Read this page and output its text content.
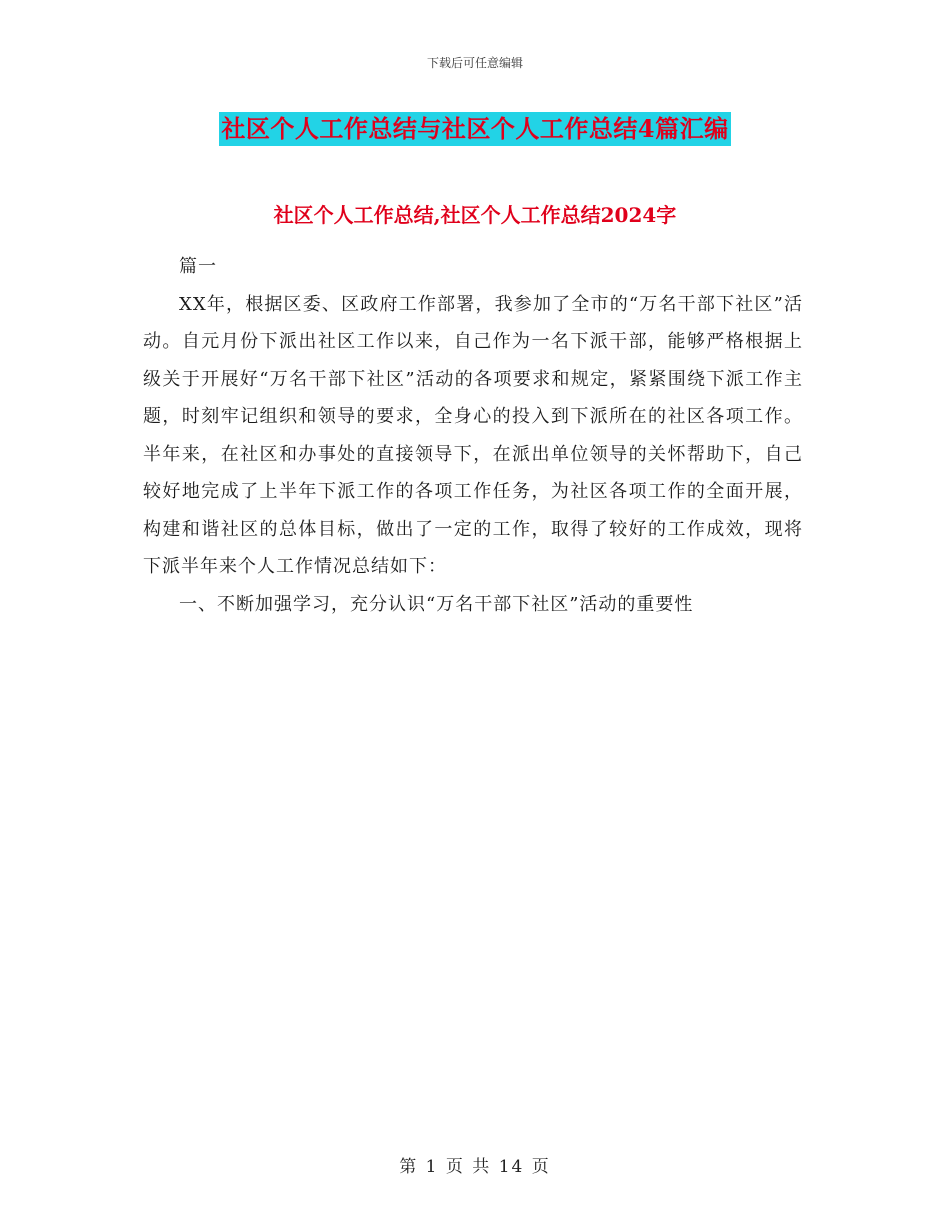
下载后可任意编辑
社区个人工作总结与社区个人工作总结4篇汇编
社区个人工作总结,社区个人工作总结2024字

篇一

XX年，根据区委、区政府工作部署，我参加了全市的“万名干部下社区”活动。自元月份下派出社区工作以来，自己作为一名下派干部，能够严格根据上级关于开展好“万名干部下社区”活动的各项要求和规定，紧紧围绕下派工作主题，时刻牢记组织和领导的要求，全身心的投入到下派所在的社区各项工作。半年来，在社区和办事处的直接领导下，在派出单位领导的关怀帮助下，自己较好地完成了上半年下派工作的各项工作任务，为社区各项工作的全面开展，构建和谐社区的总体目标，做出了一定的工作，取得了较好的工作成效，现将下派半年来个人工作情况总结如下：

一、不断加强学习，充分认识“万名干部下社区”活动的重要性

第 1 页 共 14 页
